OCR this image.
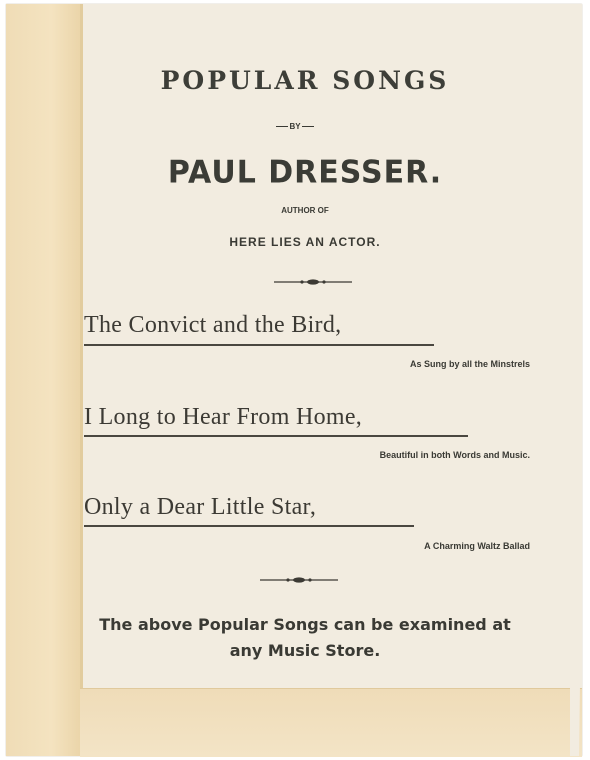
POPULAR SONGS
BY
PAUL DRESSER.
AUTHOR OF
HERE LIES AN ACTOR.
The Convict and the Bird,
As Sung by all the Minstrels
I Long to Hear From Home,
Beautiful in both Words and Music.
Only a Dear Little Star,
A Charming Waltz Ballad
The above Popular Songs can be examined at
any Music Store.
